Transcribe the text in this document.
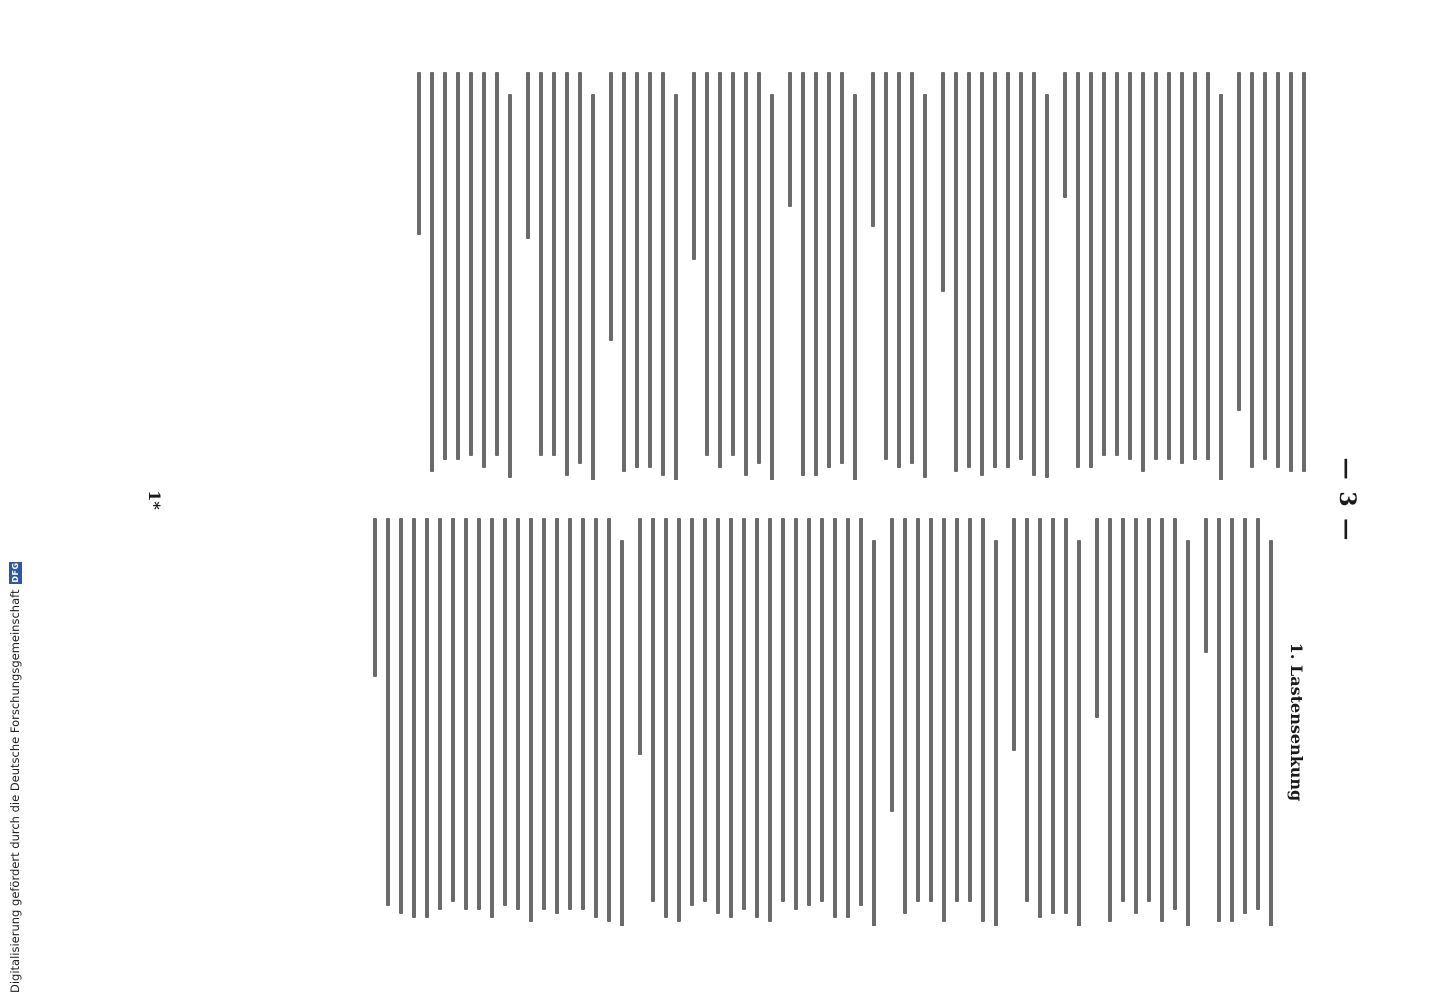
— 3 —
1. Lastensenkung
1*
Digitalisierung gefördert durch die Deutsche Forschungsgemeinschaft
DFG
